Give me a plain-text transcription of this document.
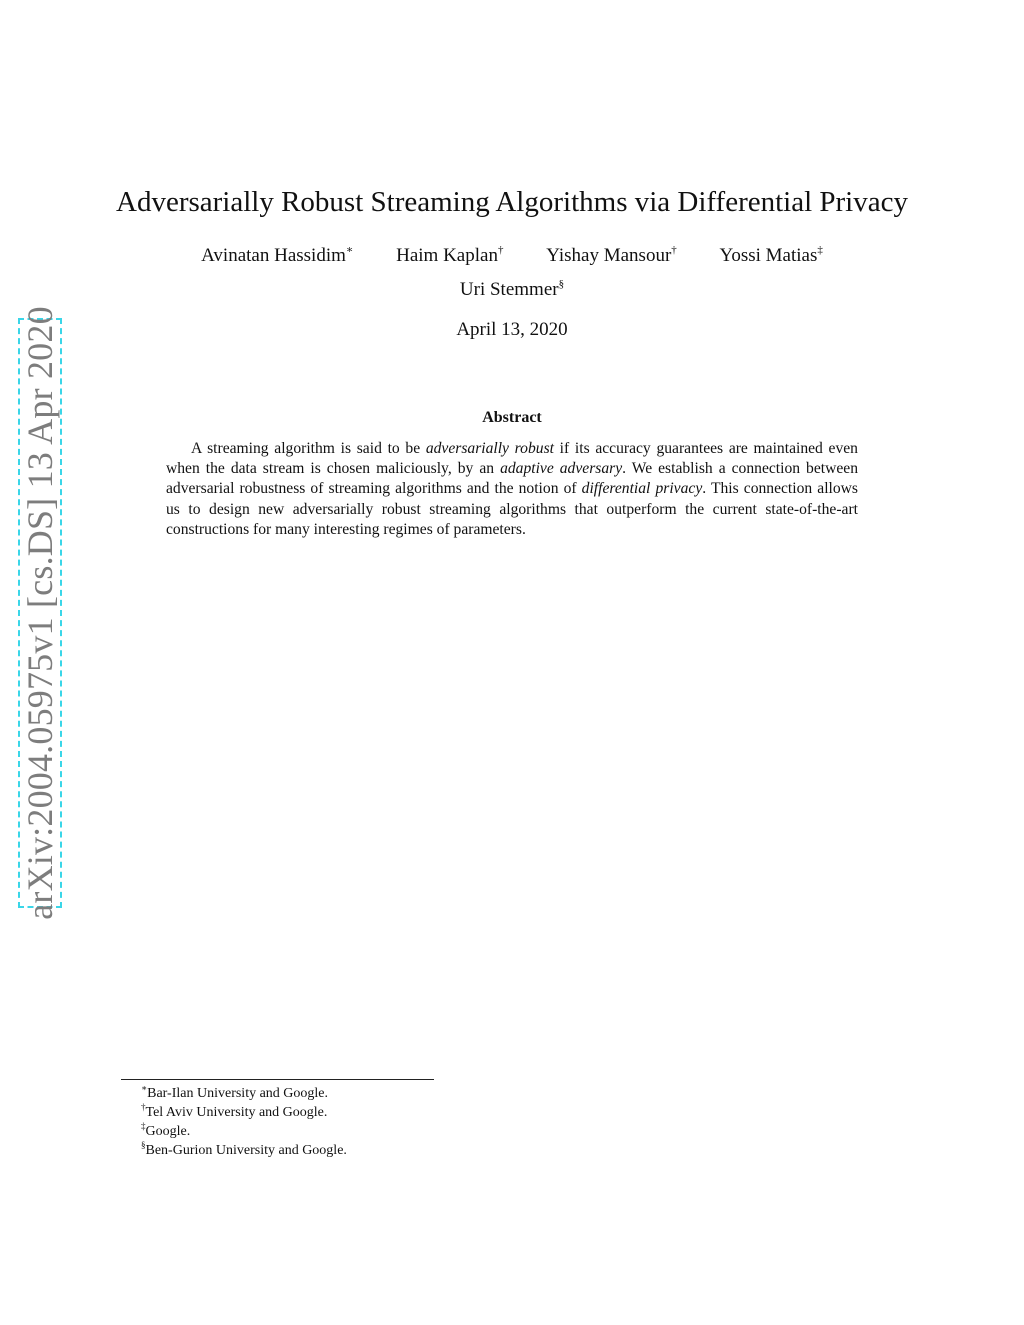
arXiv:2004.05975v1 [cs.DS] 13 Apr 2020
Adversarially Robust Streaming Algorithms via Differential Privacy
Avinatan Hassidim∗ Haim Kaplan† Yishay Mansour† Yossi Matias‡
Uri Stemmer§
April 13, 2020
Abstract

A streaming algorithm is said to be adversarially robust if its accuracy guarantees are maintained even when the data stream is chosen maliciously, by an adaptive adversary. We establish a connection between adversarial robustness of streaming algorithms and the notion of differential privacy. This connection allows us to design new adversarially robust streaming algorithms that outperform the current state-of-the-art constructions for many interesting regimes of parameters.

∗Bar-Ilan University and Google.
†Tel Aviv University and Google.
‡Google.
§Ben-Gurion University and Google.
